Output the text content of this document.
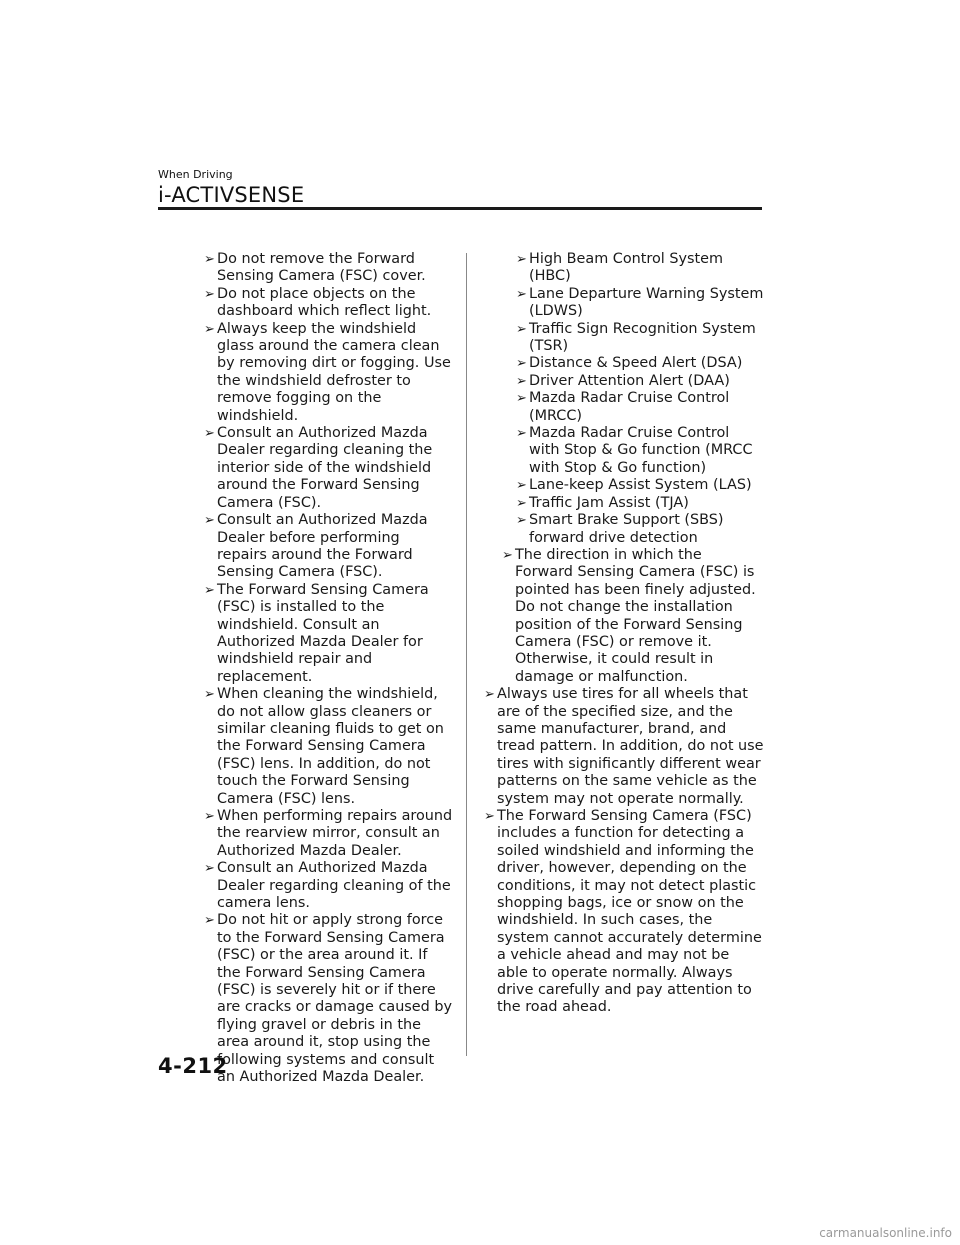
When Driving
i-ACTIVSENSE
➢ Do not remove the Forward Sensing Camera (FSC) cover.
➢ Do not place objects on the dashboard which reflect light.
➢ Always keep the windshield glass around the camera clean by removing dirt or fogging. Use the windshield defroster to remove fogging on the windshield.
➢ Consult an Authorized Mazda Dealer regarding cleaning the interior side of the windshield around the Forward Sensing Camera (FSC).
➢ Consult an Authorized Mazda Dealer before performing repairs around the Forward Sensing Camera (FSC).
➢ The Forward Sensing Camera (FSC) is installed to the windshield. Consult an Authorized Mazda Dealer for windshield repair and replacement.
➢ When cleaning the windshield, do not allow glass cleaners or similar cleaning fluids to get on the Forward Sensing Camera (FSC) lens. In addition, do not touch the Forward Sensing Camera (FSC) lens.
➢ When performing repairs around the rearview mirror, consult an Authorized Mazda Dealer.
➢ Consult an Authorized Mazda Dealer regarding cleaning of the camera lens.
➢ Do not hit or apply strong force to the Forward Sensing Camera (FSC) or the area around it. If the Forward Sensing Camera (FSC) is severely hit or if there are cracks or damage caused by flying gravel or debris in the area around it, stop using the following systems and consult an Authorized Mazda Dealer.
➢ High Beam Control System (HBC)
➢ Lane Departure Warning System (LDWS)
➢ Traffic Sign Recognition System (TSR)
➢ Distance & Speed Alert (DSA)
➢ Driver Attention Alert (DAA)
➢ Mazda Radar Cruise Control (MRCC)
➢ Mazda Radar Cruise Control with Stop & Go function (MRCC with Stop & Go function)
➢ Lane-keep Assist System (LAS)
➢ Traffic Jam Assist (TJA)
➢ Smart Brake Support (SBS) forward drive detection
➢ The direction in which the Forward Sensing Camera (FSC) is pointed has been finely adjusted. Do not change the installation position of the Forward Sensing Camera (FSC) or remove it. Otherwise, it could result in damage or malfunction.
➢ Always use tires for all wheels that are of the specified size, and the same manufacturer, brand, and tread pattern. In addition, do not use tires with significantly different wear patterns on the same vehicle as the system may not operate normally.
➢ The Forward Sensing Camera (FSC) includes a function for detecting a soiled windshield and informing the driver, however, depending on the conditions, it may not detect plastic shopping bags, ice or snow on the windshield. In such cases, the system cannot accurately determine a vehicle ahead and may not be able to operate normally. Always drive carefully and pay attention to the road ahead.
4-212
carmanualsonline.info
